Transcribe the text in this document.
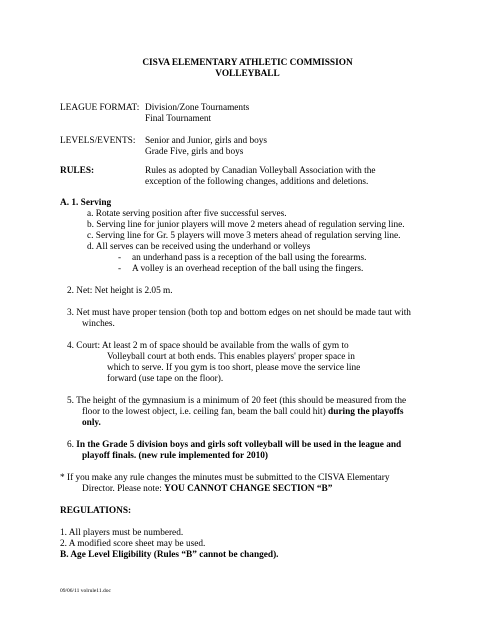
CISVA ELEMENTARY ATHLETIC COMMISSION
VOLLEYBALL
LEAGUE FORMAT: Division/Zone Tournaments
Final Tournament
LEVELS/EVENTS: Senior and Junior, girls and boys
Grade Five, girls and boys
RULES:	Rules as adopted by Canadian Volleyball Association with the
exception of the following changes, additions and deletions.
A. 1. Serving
a. Rotate serving position after five successful serves.
b. Serving line for junior players will move 2 meters ahead of regulation serving line.
c. Serving line for Gr. 5 players will move 3 meters ahead of regulation serving line.
d. All serves can be received using the underhand or volleys
- an underhand pass is a reception of the ball using the forearms.
- A volley is an overhead reception of the ball using the fingers.
2. Net: Net height is 2.05 m.
3. Net must have proper tension (both top and bottom edges on net should be made taut with
winches.
4. Court: At least 2 m of space should be available from the walls of gym to
Volleyball court at both ends. This enables players' proper space in
which to serve. If you gym is too short, please move the service line
forward (use tape on the floor).
5. The height of the gymnasium is a minimum of 20 feet (this should be measured from the
floor to the lowest object, i.e. ceiling fan, beam the ball could hit) during the playoffs
only.
6. In the Grade 5 division boys and girls soft volleyball will be used in the league and
playoff finals. (new rule implemented for 2010)
* If you make any rule changes the minutes must be submitted to the CISVA Elementary
Director. Please note: YOU CANNOT CHANGE SECTION “B”
REGULATIONS:
1. All players must be numbered.
2. A modified score sheet may be used.
B. Age Level Eligibility (Rules “B” cannot be changed).
09/06/11 volrule11.doc
